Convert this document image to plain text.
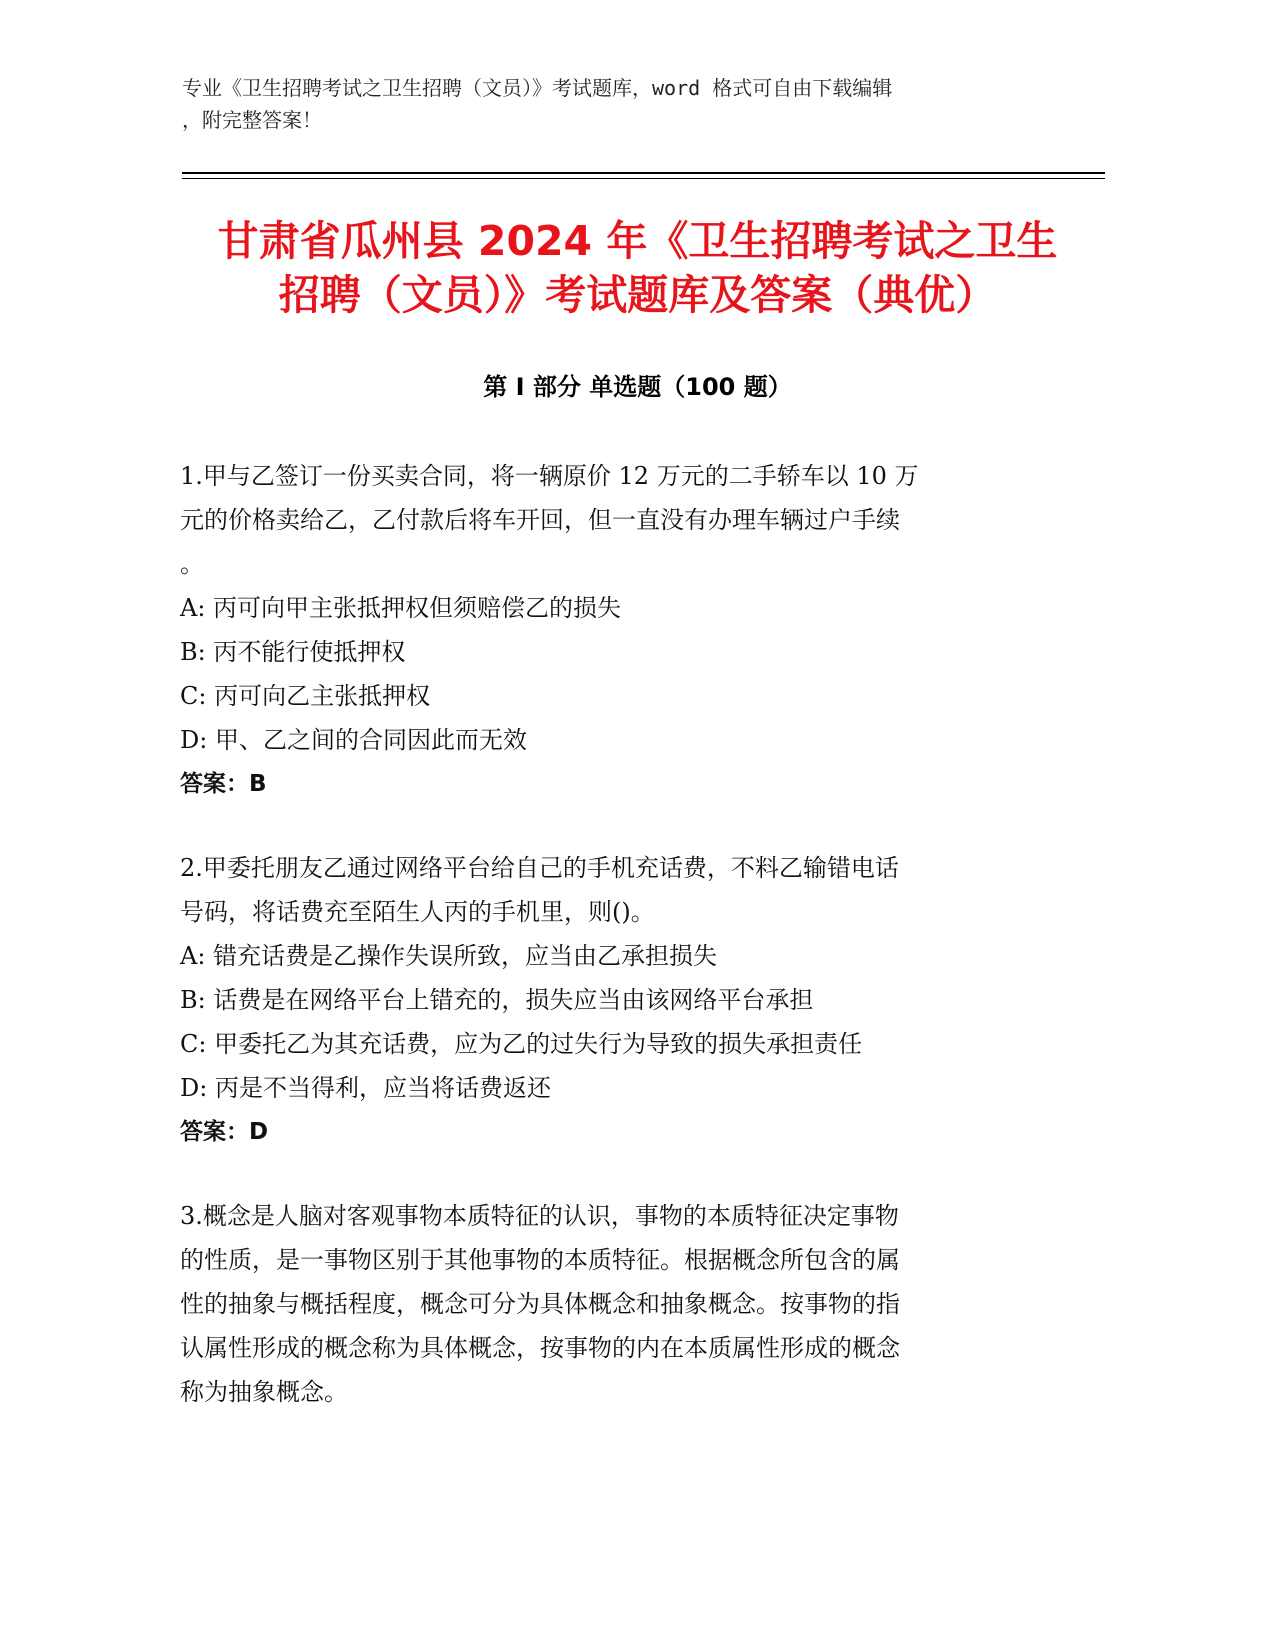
专业《卫生招聘考试之卫生招聘（文员）》考试题库，word 格式可自由下载编辑
，附完整答案！
甘肃省瓜州县 2024 年《卫生招聘考试之卫生
招聘（文员）》考试题库及答案（典优）
第 I 部分 单选题（100 题）
1.甲与乙签订一份买卖合同，将一辆原价 12 万元的二手轿车以 10 万
元的价格卖给乙，乙付款后将车开回，但一直没有办理车辆过户手续
。
A: 丙可向甲主张抵押权但须赔偿乙的损失
B: 丙不能行使抵押权
C: 丙可向乙主张抵押权
D: 甲、乙之间的合同因此而无效
答案：B
2.甲委托朋友乙通过网络平台给自己的手机充话费，不料乙输错电话
号码，将话费充至陌生人丙的手机里，则()。
A: 错充话费是乙操作失误所致，应当由乙承担损失
B: 话费是在网络平台上错充的，损失应当由该网络平台承担
C: 甲委托乙为其充话费，应为乙的过失行为导致的损失承担责任
D: 丙是不当得利，应当将话费返还
答案：D
3.概念是人脑对客观事物本质特征的认识，事物的本质特征决定事物
的性质，是一事物区别于其他事物的本质特征。根据概念所包含的属
性的抽象与概括程度，概念可分为具体概念和抽象概念。按事物的指
认属性形成的概念称为具体概念，按事物的内在本质属性形成的概念
称为抽象概念。
